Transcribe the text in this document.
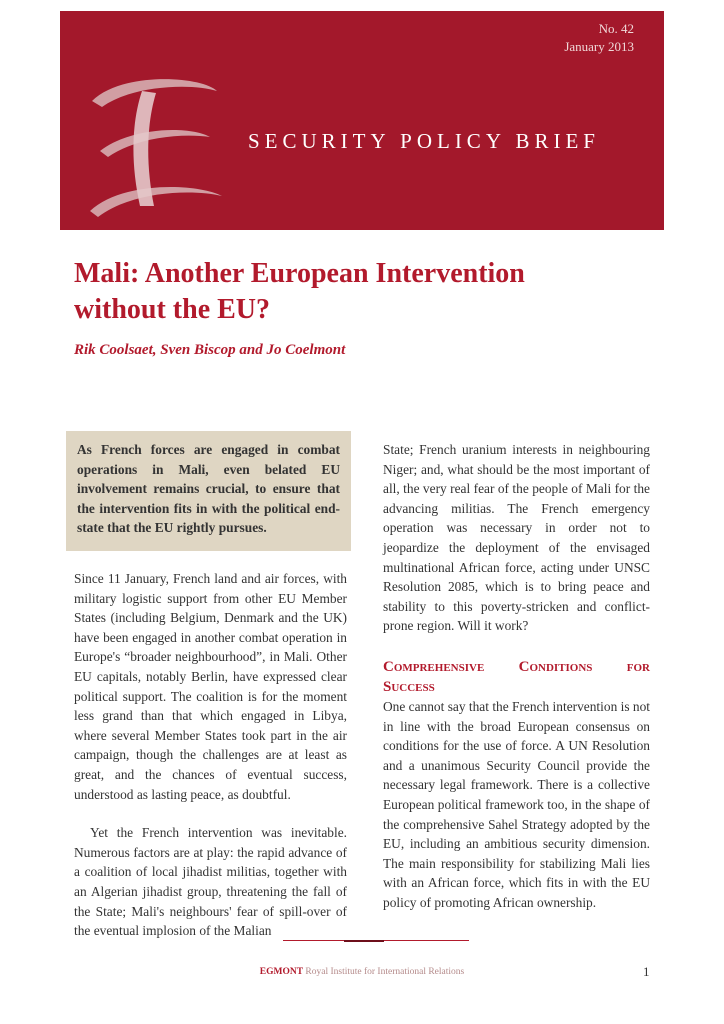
No. 42
January 2013
SECURITY POLICY BRIEF
Mali: Another European Intervention
without the EU?
Rik Coolsaet, Sven Biscop and Jo Coelmont
As French forces are engaged in combat operations in Mali, even belated EU involvement remains crucial, to ensure that the intervention fits in with the political end-state that the EU rightly pursues.

Since 11 January, French land and air forces, with military logistic support from other EU Member States (including Belgium, Denmark and the UK) have been engaged in another combat operation in Europe's “broader neighbourhood”, in Mali. Other EU capitals, notably Berlin, have expressed clear political support. The coalition is for the moment less grand than that which engaged in Libya, where several Member States took part in the air campaign, though the challenges are at least as great, and the chances of eventual success, understood as lasting peace, as doubtful.

Yet the French intervention was inevitable. Numerous factors are at play: the rapid advance of a coalition of local jihadist militias, together with an Algerian jihadist group, threatening the fall of the State; Mali's neighbours' fear of spill-over of the eventual implosion of the Malian

State; French uranium interests in neighbouring Niger; and, what should be the most important of all, the very real fear of the people of Mali for the advancing militias. The French emergency operation was necessary in order not to jeopardize the deployment of the envisaged multinational African force, acting under UNSC Resolution 2085, which is to bring peace and stability to this poverty-stricken and conflict-prone region. Will it work?

Comprehensive Conditions for

Success

One cannot say that the French intervention is not in line with the broad European consensus on conditions for the use of force. A UN Resolution and a unanimous Security Council provide the necessary legal framework. There is a collective European political framework too, in the shape of the comprehensive Sahel Strategy adopted by the EU, including an ambitious security dimension. The main responsibility for stabilizing Mali lies with an African force, which fits in with the EU policy of promoting African ownership.

EGMONT Royal Institute for International Relations	1
